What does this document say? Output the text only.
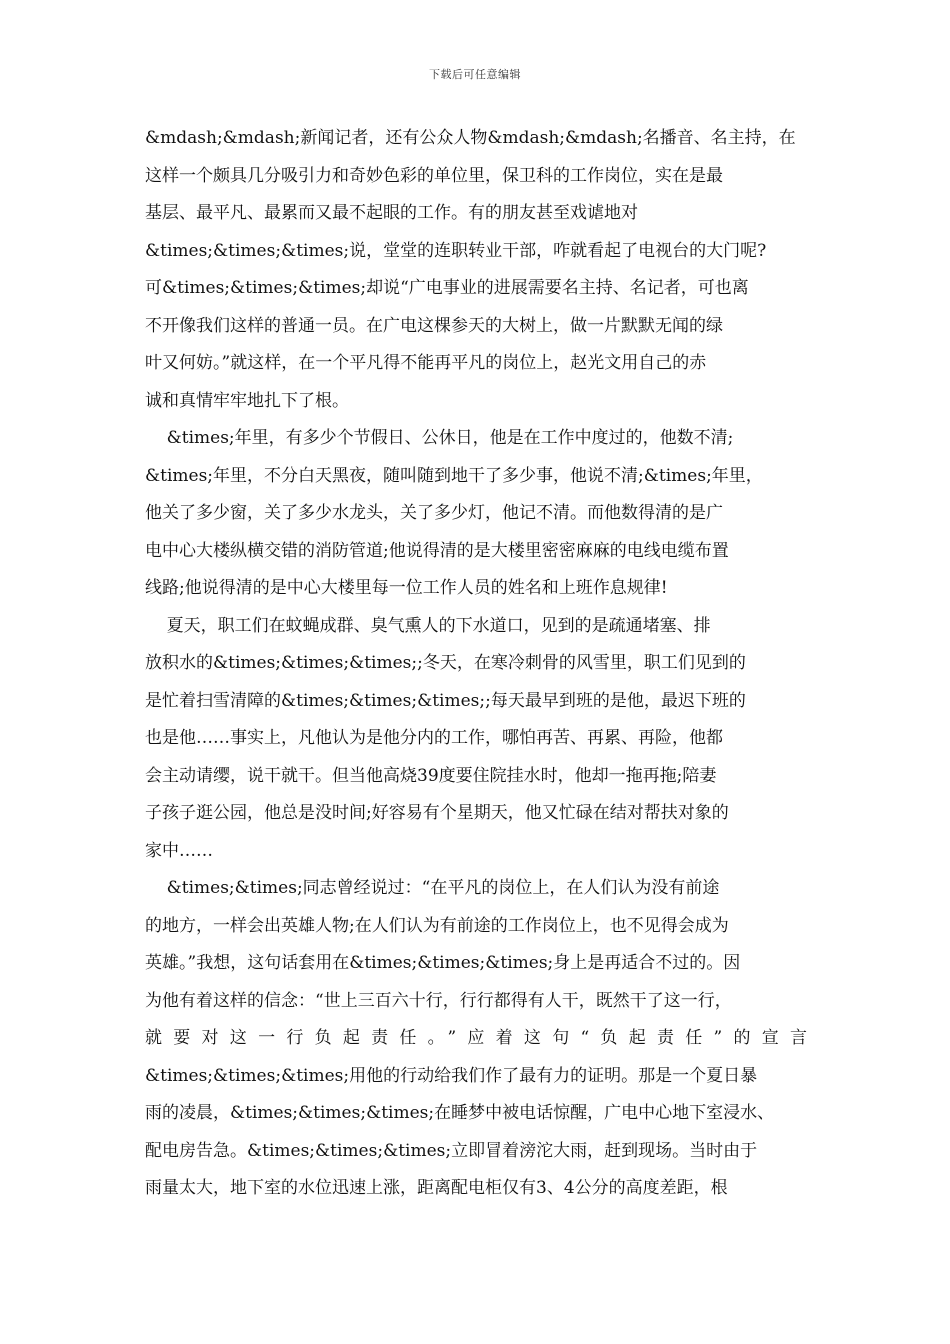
下载后可任意编辑
&mdash;&mdash;新闻记者，还有公众人物&mdash;&mdash;名播音、名主持，在
这样一个颇具几分吸引力和奇妙色彩的单位里，保卫科的工作岗位，实在是最
基层、最平凡、最累而又最不起眼的工作。有的朋友甚至戏谑地对
&times;&times;&times;说，堂堂的连职转业干部，咋就看起了电视台的大门呢?
可&times;&times;&times;却说“广电事业的进展需要名主持、名记者，可也离
不开像我们这样的普通一员。在广电这棵参天的大树上，做一片默默无闻的绿
叶又何妨。”就这样，在一个平凡得不能再平凡的岗位上，赵光文用自己的赤
诚和真情牢牢地扎下了根。
&times;年里，有多少个节假日、公休日，他是在工作中度过的，他数不清;
&times;年里，不分白天黑夜，随叫随到地干了多少事，他说不清;&times;年里，
他关了多少窗，关了多少水龙头，关了多少灯，他记不清。而他数得清的是广
电中心大楼纵横交错的消防管道;他说得清的是大楼里密密麻麻的电线电缆布置
线路;他说得清的是中心大楼里每一位工作人员的姓名和上班作息规律!
夏天，职工们在蚊蝇成群、臭气熏人的下水道口，见到的是疏通堵塞、排
放积水的&times;&times;&times;;冬天，在寒冷刺骨的风雪里，职工们见到的
是忙着扫雪清障的&times;&times;&times;;每天最早到班的是他，最迟下班的
也是他……事实上，凡他认为是他分内的工作，哪怕再苦、再累、再险，他都
会主动请缨，说干就干。但当他高烧39度要住院挂水时，他却一拖再拖;陪妻
子孩子逛公园，他总是没时间;好容易有个星期天，他又忙碌在结对帮扶对象的
家中……
&times;&times;同志曾经说过：“在平凡的岗位上，在人们认为没有前途
的地方，一样会出英雄人物;在人们认为有前途的工作岗位上，也不见得会成为
英雄。”我想，这句话套用在&times;&times;&times;身上是再适合不过的。因
为他有着这样的信念：“世上三百六十行，行行都得有人干，既然干了这一行，
就要对这一行负起责任。”应着这句“负起责任”的宣言
&times;&times;&times;用他的行动给我们作了最有力的证明。那是一个夏日暴
雨的凌晨，&times;&times;&times;在睡梦中被电话惊醒，广电中心地下室浸水、
配电房告急。&times;&times;&times;立即冒着滂沱大雨，赶到现场。当时由于
雨量太大，地下室的水位迅速上涨，距离配电柜仅有3、4公分的高度差距，根
